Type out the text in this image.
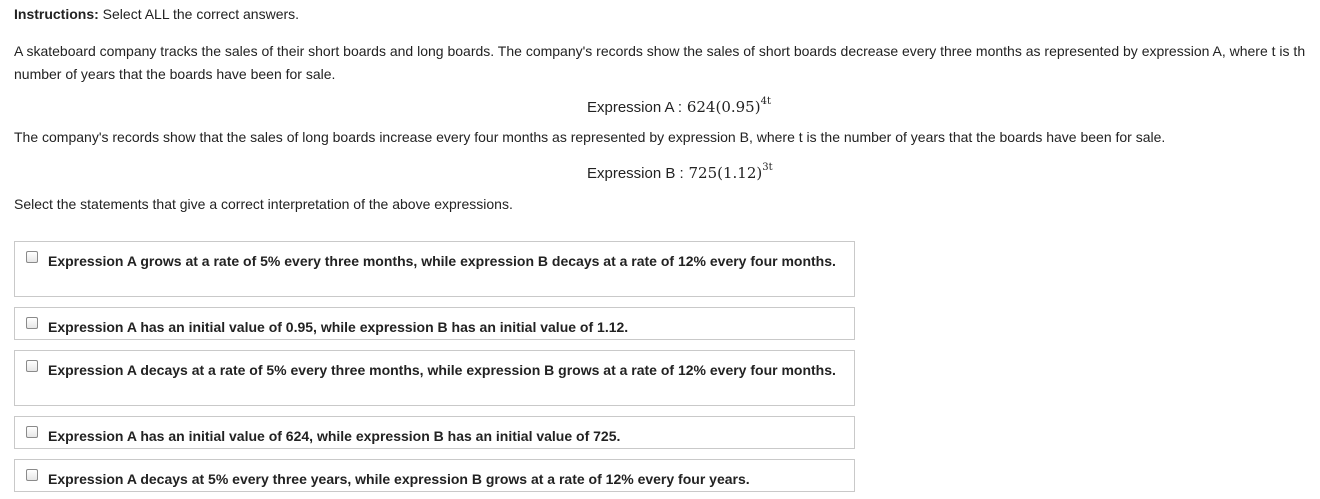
Instructions: Select ALL the correct answers.
A skateboard company tracks the sales of their short boards and long boards. The company's records show the sales of short boards decrease every three months as represented by expression A, where t is th
number of years that the boards have been for sale.
Expression A : $624(0.95)^{4t}$
The company's records show that the sales of long boards increase every four months as represented by expression B, where t is the number of years that the boards have been for sale.
Expression B : $725(1.12)^{3t}$
Select the statements that give a correct interpretation of the above expressions.
Expression A grows at a rate of 5% every three months, while expression B decays at a rate of 12% every four months.
Expression A has an initial value of 0.95, while expression B has an initial value of 1.12.
Expression A decays at a rate of 5% every three months, while expression B grows at a rate of 12% every four months.
Expression A has an initial value of 624, while expression B has an initial value of 725.
Expression A decays at 5% every three years, while expression B grows at a rate of 12% every four years.
